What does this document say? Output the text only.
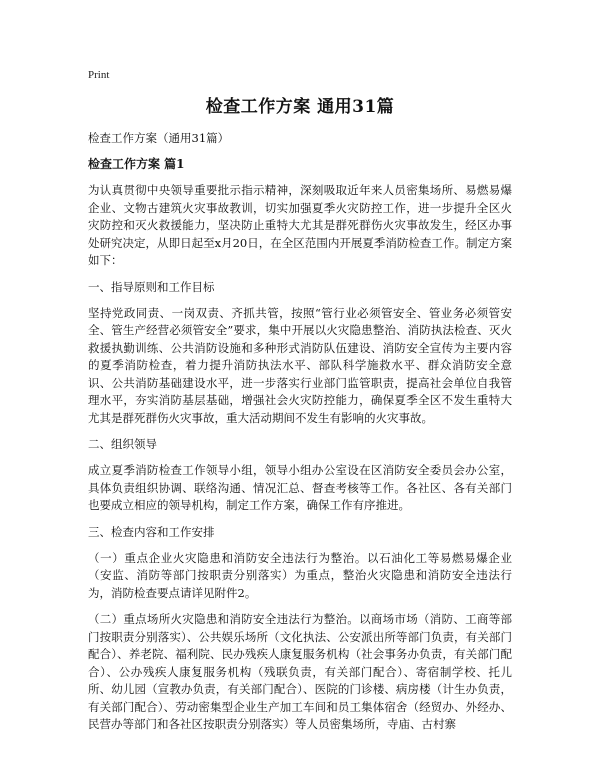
Print
检查工作方案 通用31篇
检查工作方案（通用31篇）
检查工作方案 篇1

为认真贯彻中央领导重要批示指示精神，深刻吸取近年来人员密集场所、易燃易爆企业、文物古建筑火灾事故教训，切实加强夏季火灾防控工作，进一步提升全区火灾防控和灭火救援能力，坚决防止重特大尤其是群死群伤火灾事故发生，经区办事处研究决定，从即日起至x月20日，在全区范围内开展夏季消防检查工作。制定方案如下：

一、指导原则和工作目标

坚持党政同责、一岗双责、齐抓共管，按照“管行业必须管安全、管业务必须管安全、管生产经营必须管安全”要求，集中开展以火灾隐患整治、消防执法检查、灭火救援执勤训练、公共消防设施和多种形式消防队伍建设、消防安全宣传为主要内容的夏季消防检查，着力提升消防执法水平、部队科学施救水平、群众消防安全意识、公共消防基础建设水平，进一步落实行业部门监管职责，提高社会单位自我管理水平，夯实消防基层基础，增强社会火灾防控能力，确保夏季全区不发生重特大尤其是群死群伤火灾事故，重大活动期间不发生有影响的火灾事故。

二、组织领导

成立夏季消防检查工作领导小组，领导小组办公室设在区消防安全委员会办公室，具体负责组织协调、联络沟通、情况汇总、督查考核等工作。各社区、各有关部门也要成立相应的领导机构，制定工作方案，确保工作有序推进。

三、检查内容和工作安排

（一）重点企业火灾隐患和消防安全违法行为整治。以石油化工等易燃易爆企业（安监、消防等部门按职责分别落实）为重点，整治火灾隐患和消防安全违法行为，消防检查要点请详见附件2。

（二）重点场所火灾隐患和消防安全违法行为整治。以商场市场（消防、工商等部门按职责分别落实）、公共娱乐场所（文化执法、公安派出所等部门负责，有关部门配合）、养老院、福利院、民办残疾人康复服务机构（社会事务办负责，有关部门配合）、公办残疾人康复服务机构（残联负责，有关部门配合）、寄宿制学校、托儿所、幼儿园（宣教办负责，有关部门配合）、医院的门诊楼、病房楼（计生办负责，有关部门配合）、劳动密集型企业生产加工车间和员工集体宿舍（经贸办、外经办、民营办等部门和各社区按职责分别落实）等人员密集场所，寺庙、古村寨
